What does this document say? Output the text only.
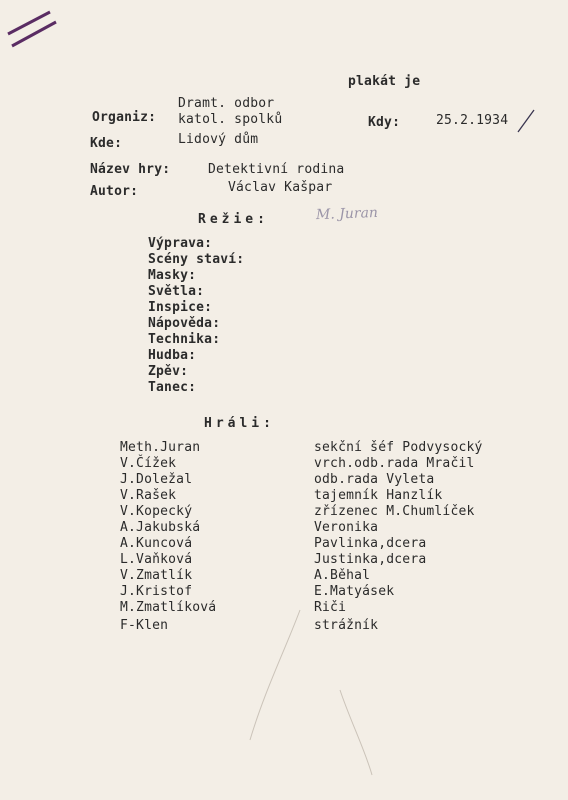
plakát je
Organiz:
Dramt. odbor
katol. spolků	Kdy:	25.2.1934
Kde:	Lidový dům
Název hry:	Detektivní rodina
Autor:	Václav Kašpar
Režie:	M. Juran
Výprava:
Scény staví:
Masky:
Světla:
Inspice:
Nápověda:
Technika:
Hudba:
Zpěv:
Tanec:
Hráli:
Meth.Juran	sekční šéf Podvysocký
V.Čížek	vrch.odb.rada Mračil
J.Doležal	odb.rada Vyleta
V.Rašek	tajemník Hanzlík
V.Kopecký	zřízenec M.Chumlíček
A.Jakubská	Veronika
A.Kuncová	Pavlinka,dcera
L.Vaňková	Justinka,dcera
V.Zmatlík	A.Běhal
J.Kristof	E.Matyásek
M.Zmatlíková	Riči
F-Klen	strážník
